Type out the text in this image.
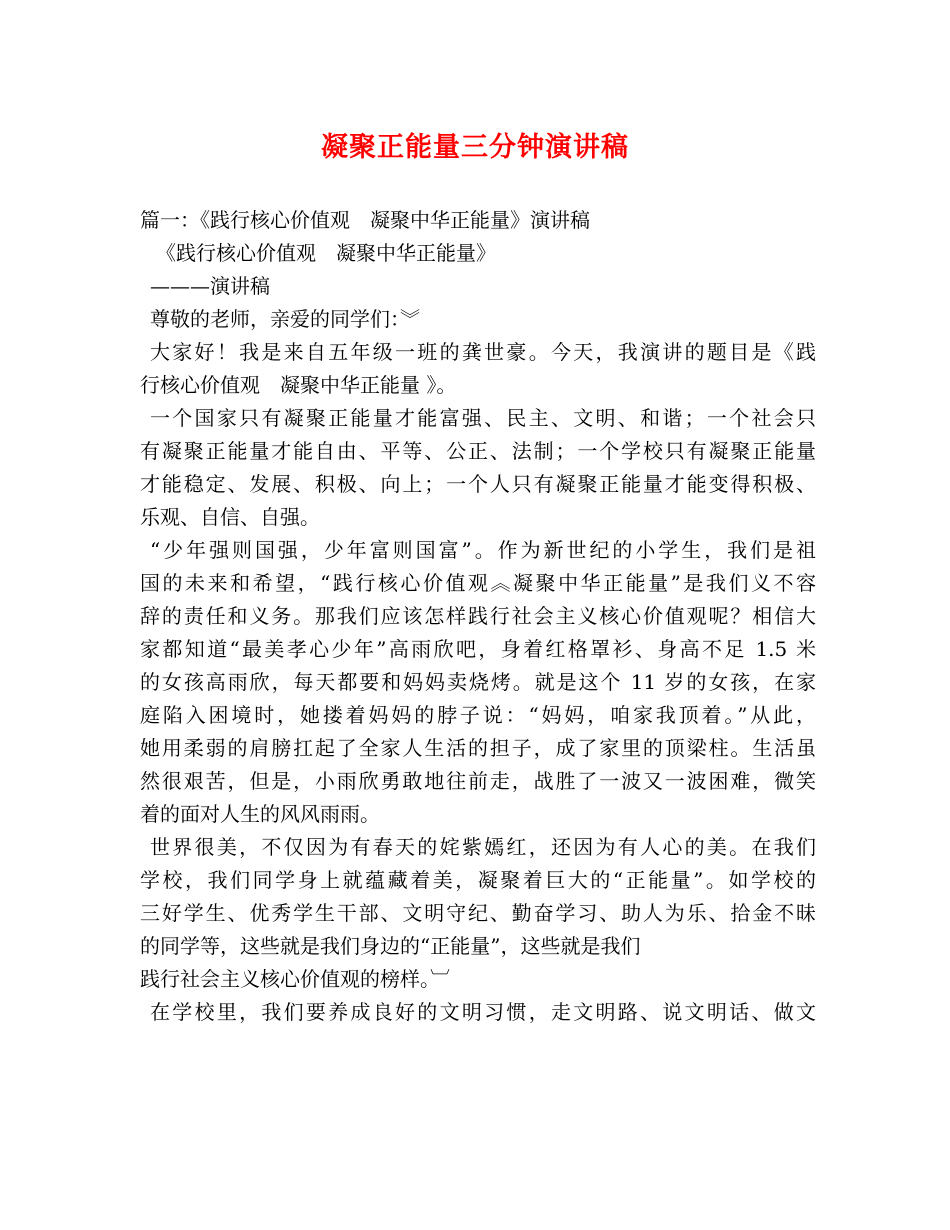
凝聚正能量三分钟演讲稿
篇一：《践行核心价值观　凝聚中华正能量》演讲稿
《践行核心价值观　凝聚中华正能量》
———演讲稿
尊敬的老师，亲爱的同学们：︾
大家好！我是来自五年级一班的龚世豪。今天，我演讲的题目是《践
行核心价值观　凝聚中华正能量 》。
一个国家只有凝聚正能量才能富强、民主、文明、和谐；一个社会只
有凝聚正能量才能自由、平等、公正、法制；一个学校只有凝聚正能量
才能稳定、发展、积极、向上；一个人只有凝聚正能量才能变得积极、
乐观、自信、自强。
“少年强则国强，少年富则国富”。作为新世纪的小学生，我们是祖
国的未来和希望，“践行核心价值观︽凝聚中华正能量”是我们义不容
辞的责任和义务。那我们应该怎样践行社会主义核心价值观呢？相信大
家都知道“最美孝心少年”高雨欣吧，身着红格罩衫、身高不足 1.5 米
的女孩高雨欣，每天都要和妈妈卖烧烤。就是这个 11 岁的女孩，在家
庭陷入困境时，她搂着妈妈的脖子说：“妈妈，咱家我顶着。”从此，
她用柔弱的肩膀扛起了全家人生活的担子，成了家里的顶梁柱。生活虽
然很艰苦，但是，小雨欣勇敢地往前走，战胜了一波又一波困难，微笑
着的面对人生的风风雨雨。
世界很美，不仅因为有春天的姹紫嫣红，还因为有人心的美。在我们
学校，我们同学身上就蕴藏着美，凝聚着巨大的“正能量”。如学校的
三好学生、优秀学生干部、文明守纪、勤奋学习、助人为乐、拾金不昧
的同学等，这些就是我们身边的“正能量”，这些就是我们
践行社会主义核心价值观的榜样。︺
在学校里，我们要养成良好的文明习惯，走文明路、说文明话、做文
